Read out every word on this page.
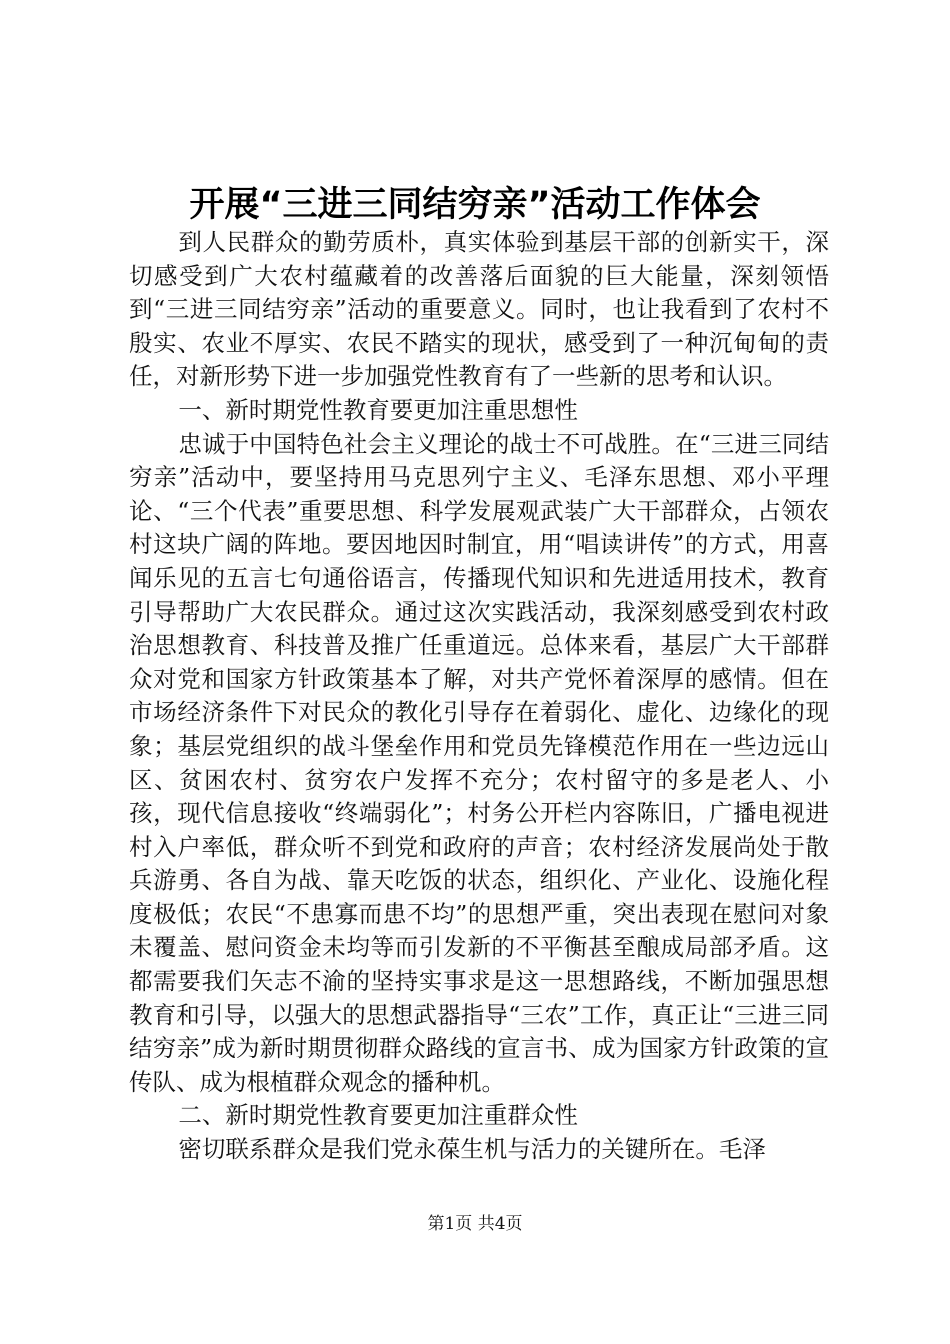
开展“三进三同结穷亲”活动工作体会

到人民群众的勤劳质朴，真实体验到基层干部的创新实干，深切感受到广大农村蕴藏着的改善落后面貌的巨大能量，深刻领悟到“三进三同结穷亲”活动的重要意义。同时，也让我看到了农村不殷实、农业不厚实、农民不踏实的现状，感受到了一种沉甸甸的责任，对新形势下进一步加强党性教育有了一些新的思考和认识。

一、新时期党性教育要更加注重思想性

忠诚于中国特色社会主义理论的战士不可战胜。在“三进三同结穷亲”活动中，要坚持用马克思列宁主义、毛泽东思想、邓小平理论、“三个代表”重要思想、科学发展观武装广大干部群众，占领农村这块广阔的阵地。要因地因时制宜，用“唱读讲传”的方式，用喜闻乐见的五言七句通俗语言，传播现代知识和先进适用技术，教育引导帮助广大农民群众。通过这次实践活动，我深刻感受到农村政治思想教育、科技普及推广任重道远。总体来看，基层广大干部群众对党和国家方针政策基本了解，对共产党怀着深厚的感情。但在市场经济条件下对民众的教化引导存在着弱化、虚化、边缘化的现象；基层党组织的战斗堡垒作用和党员先锋模范作用在一些边远山区、贫困农村、贫穷农户发挥不充分；农村留守的多是老人、小孩，现代信息接收“终端弱化”；村务公开栏内容陈旧，广播电视进村入户率低，群众听不到党和政府的声音；农村经济发展尚处于散兵游勇、各自为战、靠天吃饭的状态，组织化、产业化、设施化程度极低；农民“不患寡而患不均”的思想严重，突出表现在慰问对象未覆盖、慰问资金未均等而引发新的不平衡甚至酿成局部矛盾。这都需要我们矢志不渝的坚持实事求是这一思想路线，不断加强思想教育和引导，以强大的思想武器指导“三农”工作，真正让“三进三同结穷亲”成为新时期贯彻群众路线的宣言书、成为国家方针政策的宣传队、成为根植群众观念的播种机。

二、新时期党性教育要更加注重群众性

密切联系群众是我们党永葆生机与活力的关键所在。毛泽

第1页 共4页
